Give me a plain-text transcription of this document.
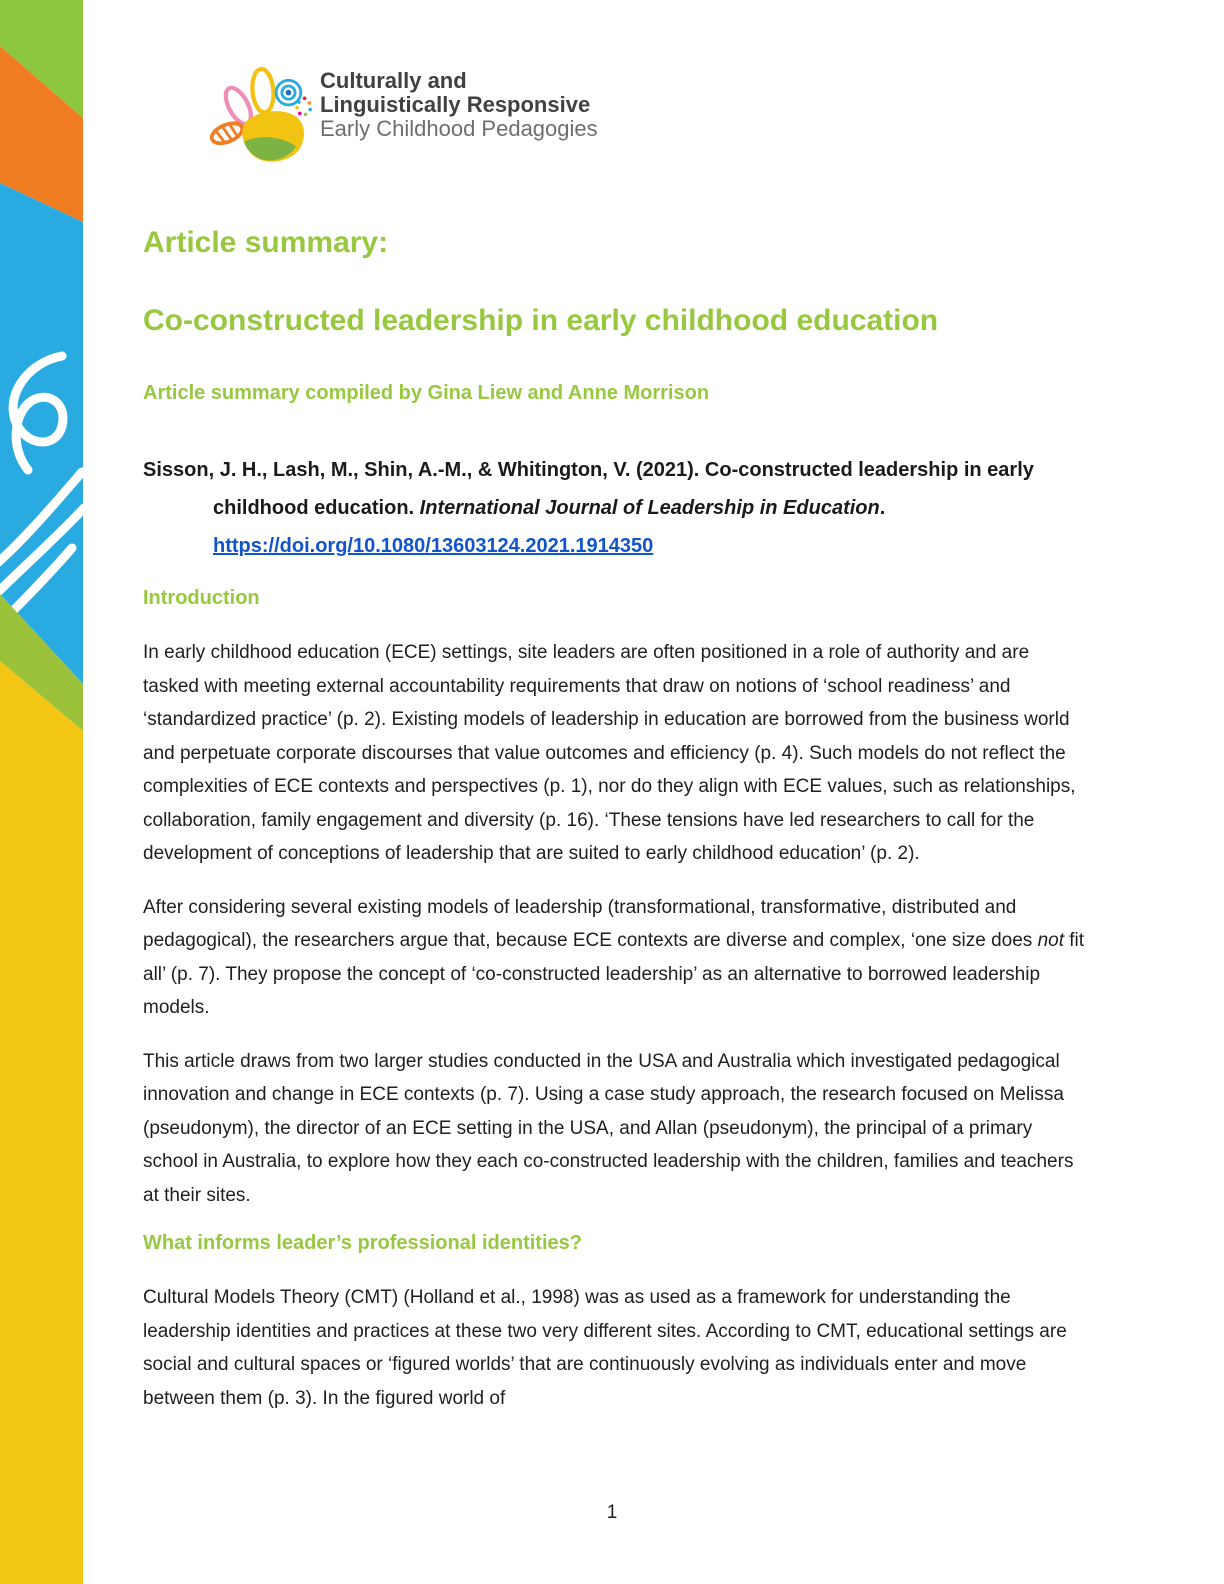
Culturally and
Linguistically Responsive
Early Childhood Pedagogies
Article summary:
Co-constructed leadership in early childhood education
Article summary compiled by Gina Liew and Anne Morrison

Sisson, J. H., Lash, M., Shin, A.-M., & Whitington, V. (2021). Co-constructed leadership in early childhood education. International Journal of Leadership in Education. https://doi.org/10.1080/13603124.2021.1914350

Introduction

In early childhood education (ECE) settings, site leaders are often positioned in a role of authority and are tasked with meeting external accountability requirements that draw on notions of ‘school readiness’ and ‘standardized practice’ (p. 2). Existing models of leadership in education are borrowed from the business world and perpetuate corporate discourses that value outcomes and efficiency (p. 4). Such models do not reflect the complexities of ECE contexts and perspectives (p. 1), nor do they align with ECE values, such as relationships, collaboration, family engagement and diversity (p. 16). ‘These tensions have led researchers to call for the development of conceptions of leadership that are suited to early childhood education’ (p. 2).

After considering several existing models of leadership (transformational, transformative, distributed and pedagogical), the researchers argue that, because ECE contexts are diverse and complex, ‘one size does not fit all’ (p. 7). They propose the concept of ‘co-constructed leadership’ as an alternative to borrowed leadership models.

This article draws from two larger studies conducted in the USA and Australia which investigated pedagogical innovation and change in ECE contexts (p. 7). Using a case study approach, the research focused on Melissa (pseudonym), the director of an ECE setting in the USA, and Allan (pseudonym), the principal of a primary school in Australia, to explore how they each co-constructed leadership with the children, families and teachers at their sites.

What informs leader’s professional identities?

Cultural Models Theory (CMT) (Holland et al., 1998) was as used as a framework for understanding the leadership identities and practices at these two very different sites. According to CMT, educational settings are social and cultural spaces or ‘figured worlds’ that are continuously evolving as individuals enter and move between them (p. 3). In the figured world of

1
